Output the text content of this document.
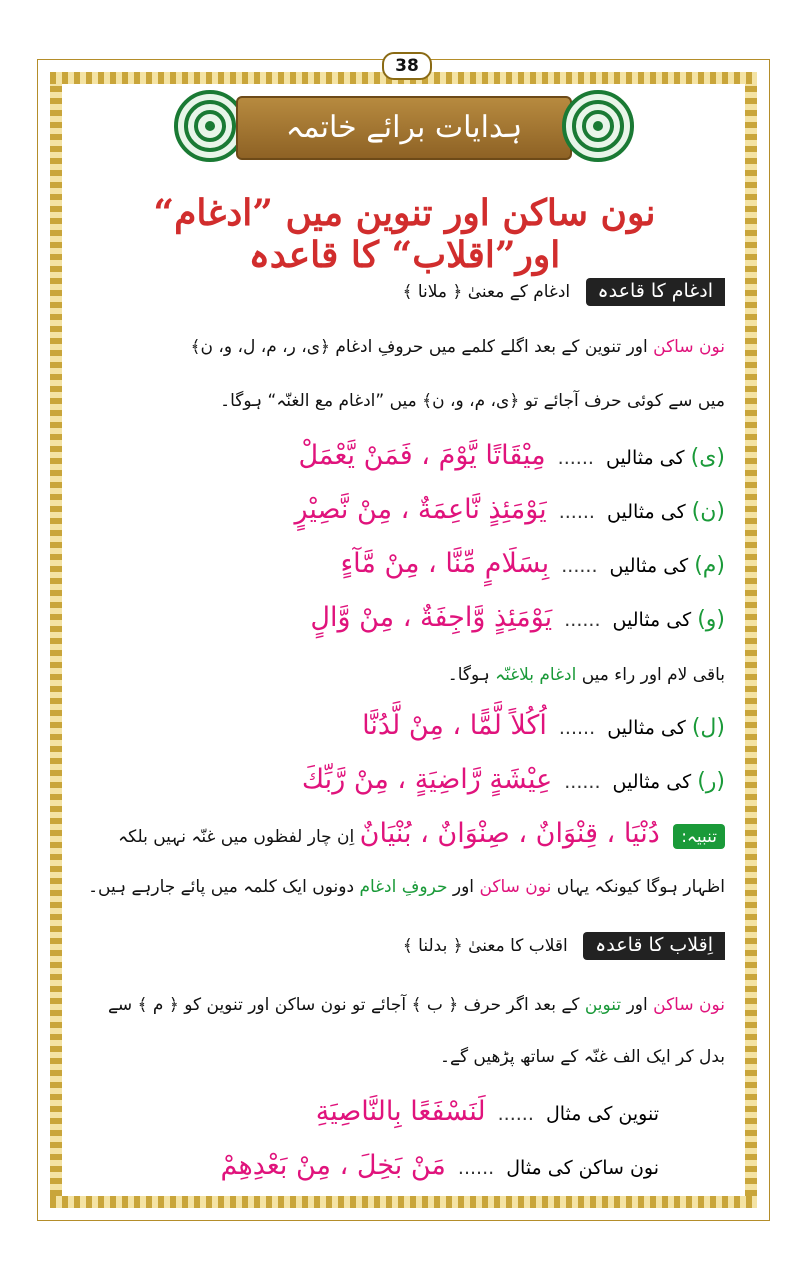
38
ہدایات برائے خاتمہ
نون ساکن اور تنوین میں ”ادغام“ اور”اقلاب“ کا قاعدہ
ادغام کا قاعدہ ادغام کے معنیٰ ﴿ ملانا ﴾
نون ساکن اور تنوین کے بعد اگلے کلمے میں حروفِ ادغام ﴿ی، ر، م، ل، و، ن﴾
میں سے کوئی حرف آجائے تو ﴿ی، م، و، ن﴾ میں ”ادغام مع الغنّہ“ ہوگا۔
(ی) کی مثالیں ...... مِيْقَاتًا يَّوْمَ ، فَمَنْ يَّعْمَلْ
(ن) کی مثالیں ...... يَوْمَئِذٍ نَّاعِمَةٌ ، مِنْ نَّصِيْرٍ
(م) کی مثالیں ...... بِسَلَامٍ مِّنَّا ، مِنْ مَّآءٍ
(و) کی مثالیں ...... يَوْمَئِذٍ وَّاجِفَةٌ ، مِنْ وَّالٍ
باقی لام اور راء میں ادغام بلاغنّہ ہوگا۔
(ل) کی مثالیں ...... اُكُلاً لَّمًّا ، مِنْ لَّدُنَّا
(ر) کی مثالیں ...... عِيْشَةٍ رَّاضِيَةٍ ، مِنْ رَّبِّكَ
تنبیہ: دُنْيَا ، قِنْوَانٌ ، صِنْوَانٌ ، بُنْيَانٌ اِن چار لفظوں میں غنّہ نہیں بلکہ
اظہار ہوگا کیونکہ یہاں نون ساکن اور حروفِ ادغام دونوں ایک کلمہ میں پائے جارہے ہیں۔
اِقلاب کا قاعدہ اقلاب کا معنیٰ ﴿ بدلنا ﴾
نون ساکن اور تنوین کے بعد اگر حرف ﴿ ب ﴾ آجائے تو نون ساکن اور تنوین کو ﴿ م ﴾ سے
بدل کر ایک الف غنّہ کے ساتھ پڑھیں گے۔
تنوین کی مثال ...... لَنَسْفَعًا بِالنَّاصِيَةِ
نون ساکن کی مثال ...... مَنْ بَخِلَ ، مِنْ بَعْدِهِمْ
